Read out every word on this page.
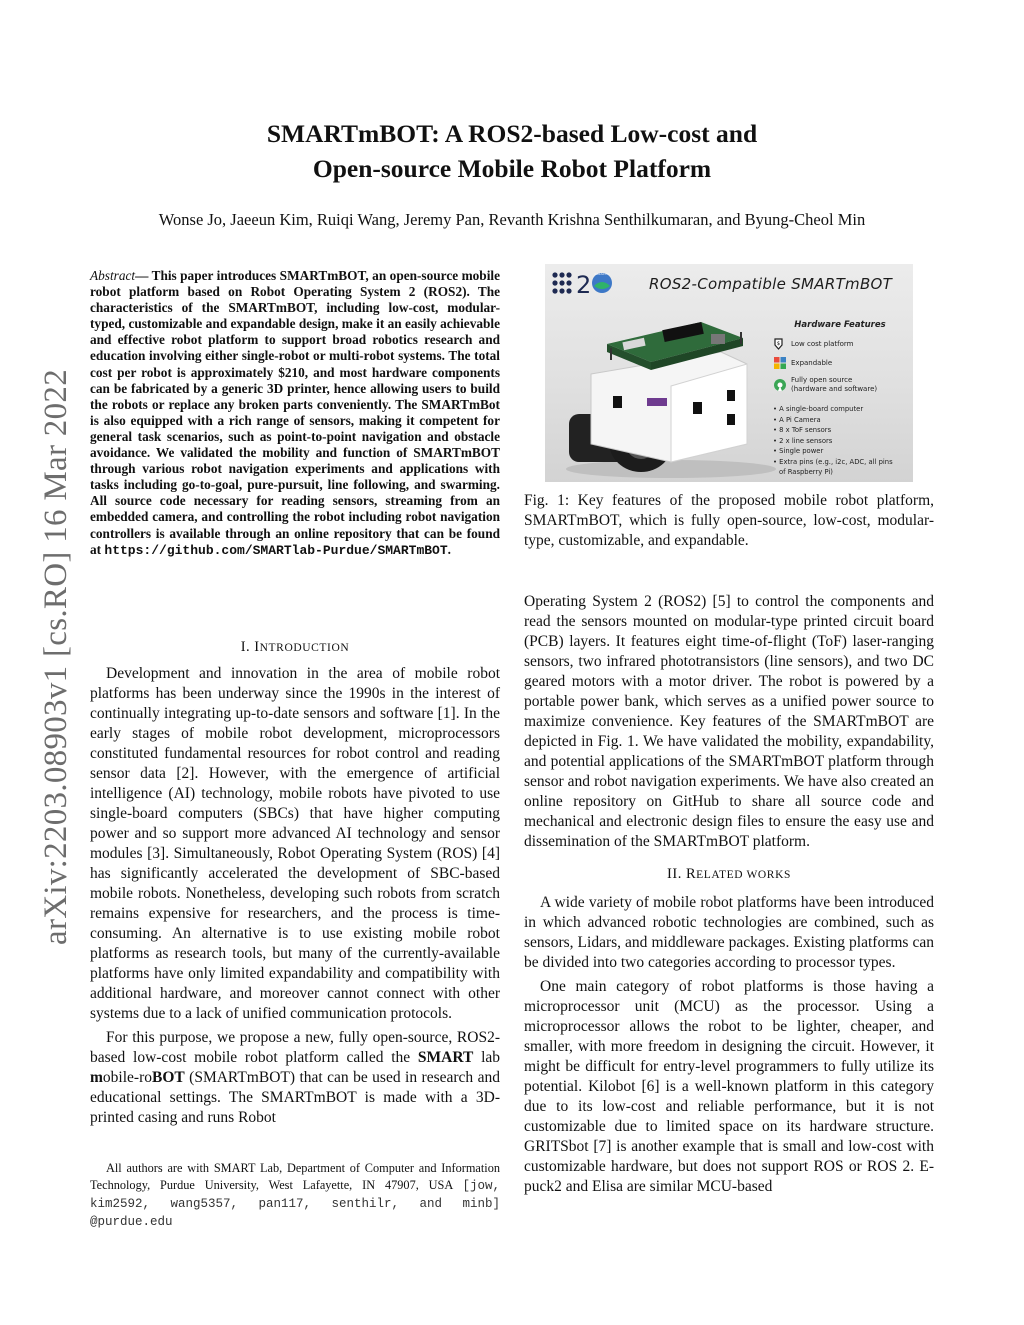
arXiv:2203.08903v1 [cs.RO] 16 Mar 2022
SMARTmBOT: A ROS2-based Low-cost and
Open-source Mobile Robot Platform
Wonse Jo, Jaeeun Kim, Ruiqi Wang, Jeremy Pan, Revanth Krishna Senthilkumaran, and Byung-Cheol Min
Abstract— This paper introduces SMARTmBOT, an open-source mobile robot platform based on Robot Operating System 2 (ROS2). The characteristics of the SMARTmBOT, including low-cost, modular-typed, customizable and expandable design, make it an easily achievable and effective robot platform to support broad robotics research and education involving either single-robot or multi-robot systems. The total cost per robot is approximately $210, and most hardware components can be fabricated by a generic 3D printer, hence allowing users to build the robots or replace any broken parts conveniently. The SMARTmBot is also equipped with a rich range of sensors, making it competent for general task scenarios, such as point-to-point navigation and obstacle avoidance. We validated the mobility and function of SMARTmBOT through various robot navigation experiments and applications with tasks including go-to-goal, pure-pursuit, line following, and swarming. All source code necessary for reading sensors, streaming from an embedded camera, and controlling the robot including robot navigation controllers is available through an online repository that can be found at https://github.com/SMARTlab-Purdue/SMARTmBOT.

I. INTRODUCTION

Development and innovation in the area of mobile robot platforms has been underway since the 1990s in the interest of continually integrating up-to-date sensors and software [1]. In the early stages of mobile robot development, microprocessors constituted fundamental resources for robot control and reading sensor data [2]. However, with the emergence of artificial intelligence (AI) technology, mobile robots have pivoted to use single-board computers (SBCs) that have higher computing power and so support more advanced AI technology and sensor modules [3]. Simultaneously, Robot Operating System (ROS) [4] has significantly accelerated the development of SBC-based mobile robots. Nonetheless, developing such robots from scratch remains expensive for researchers, and the process is time-consuming. An alternative is to use existing mobile robot platforms as research tools, but many of the currently-available platforms have only limited expandability and compatibility with additional hardware, and moreover cannot connect with other systems due to a lack of unified communication protocols.

For this purpose, we propose a new, fully open-source, ROS2-based low-cost mobile robot platform called the SMART lab mobile-roBOT (SMARTmBOT) that can be used in research and educational settings. The SMARTmBOT is made with a 3D-printed casing and runs Robot

All authors are with SMART Lab, Department of Computer and Information Technology, Purdue University, West Lafayette, IN 47907, USA [jow, kim2592, wang5357, pan117, senthilr, and minb] @purdue.edu
2 GALACTIC
ROS2-Compatible SMARTmBOT
Hardware Features
$ Low cost platform
Expandable
Fully open source
(hardware and software)
• A single-board computer
• A Pi Camera
• 8 x ToF sensors
• 2 x line sensors
• Single power
• Extra pins (e.g., i2c, ADC, all pins
of Raspberry Pi)
Fig. 1: Key features of the proposed mobile robot platform, SMARTmBOT, which is fully open-source, low-cost, modular-type, customizable, and expandable.

Operating System 2 (ROS2) [5] to control the components and read the sensors mounted on modular-type printed circuit board (PCB) layers. It features eight time-of-flight (ToF) laser-ranging sensors, two infrared phototransistors (line sensors), and two DC geared motors with a motor driver. The robot is powered by a portable power bank, which serves as a unified power source to maximize convenience. Key features of the SMARTmBOT are depicted in Fig. 1. We have validated the mobility, expandability, and potential applications of the SMARTmBOT platform through sensor and robot navigation experiments. We have also created an online repository on GitHub to share all source code and mechanical and electronic design files to ensure the easy use and dissemination of the SMARTmBOT platform.

II. RELATED WORKS

A wide variety of mobile robot platforms have been introduced in which advanced robotic technologies are combined, such as sensors, Lidars, and middleware packages. Existing platforms can be divided into two categories according to processor types.

One main category of robot platforms is those having a microprocessor unit (MCU) as the processor. Using a microprocessor allows the robot to be lighter, cheaper, and smaller, with more freedom in designing the circuit. However, it might be difficult for entry-level programmers to fully utilize its potential. Kilobot [6] is a well-known platform in this category due to its low-cost and reliable performance, but it is not customizable due to limited space on its hardware structure. GRITSbot [7] is another example that is small and low-cost with customizable hardware, but does not support ROS or ROS 2. E-puck2 and Elisa are similar MCU-based
